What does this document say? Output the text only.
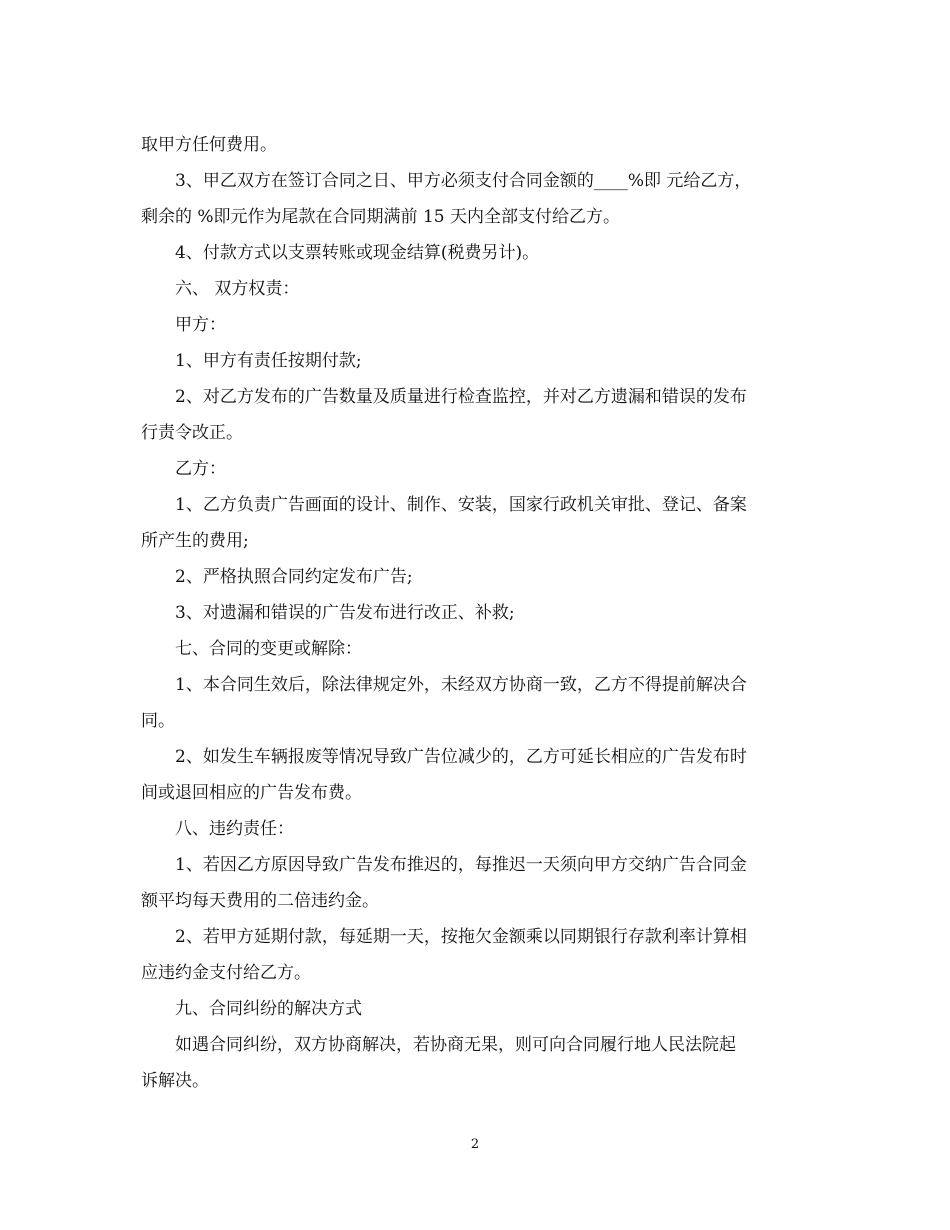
取甲方任何费用。
3、甲乙双方在签订合同之日、甲方必须支付合同金额的____%即 元给乙方，
剩余的 %即元作为尾款在合同期满前 15 天内全部支付给乙方。
4、付款方式以支票转账或现金结算(税费另计)。
六、 双方权责：
甲方：
1、甲方有责任按期付款;
2、对乙方发布的广告数量及质量进行检查监控，并对乙方遗漏和错误的发布
行责令改正。
乙方：
1、乙方负责广告画面的设计、制作、安装，国家行政机关审批、登记、备案
所产生的费用;
2、严格执照合同约定发布广告;
3、对遗漏和错误的广告发布进行改正、补救;
七、合同的变更或解除：
1、本合同生效后，除法律规定外，未经双方协商一致，乙方不得提前解决合
同。
2、如发生车辆报废等情况导致广告位减少的，乙方可延长相应的广告发布时
间或退回相应的广告发布费。
八、违约责任：
1、若因乙方原因导致广告发布推迟的，每推迟一天须向甲方交纳广告合同金
额平均每天费用的二倍违约金。
2、若甲方延期付款，每延期一天，按拖欠金额乘以同期银行存款利率计算相
应违约金支付给乙方。
九、合同纠纷的解决方式
如遇合同纠纷，双方协商解决，若协商无果，则可向合同履行地人民法院起
诉解决。
2
